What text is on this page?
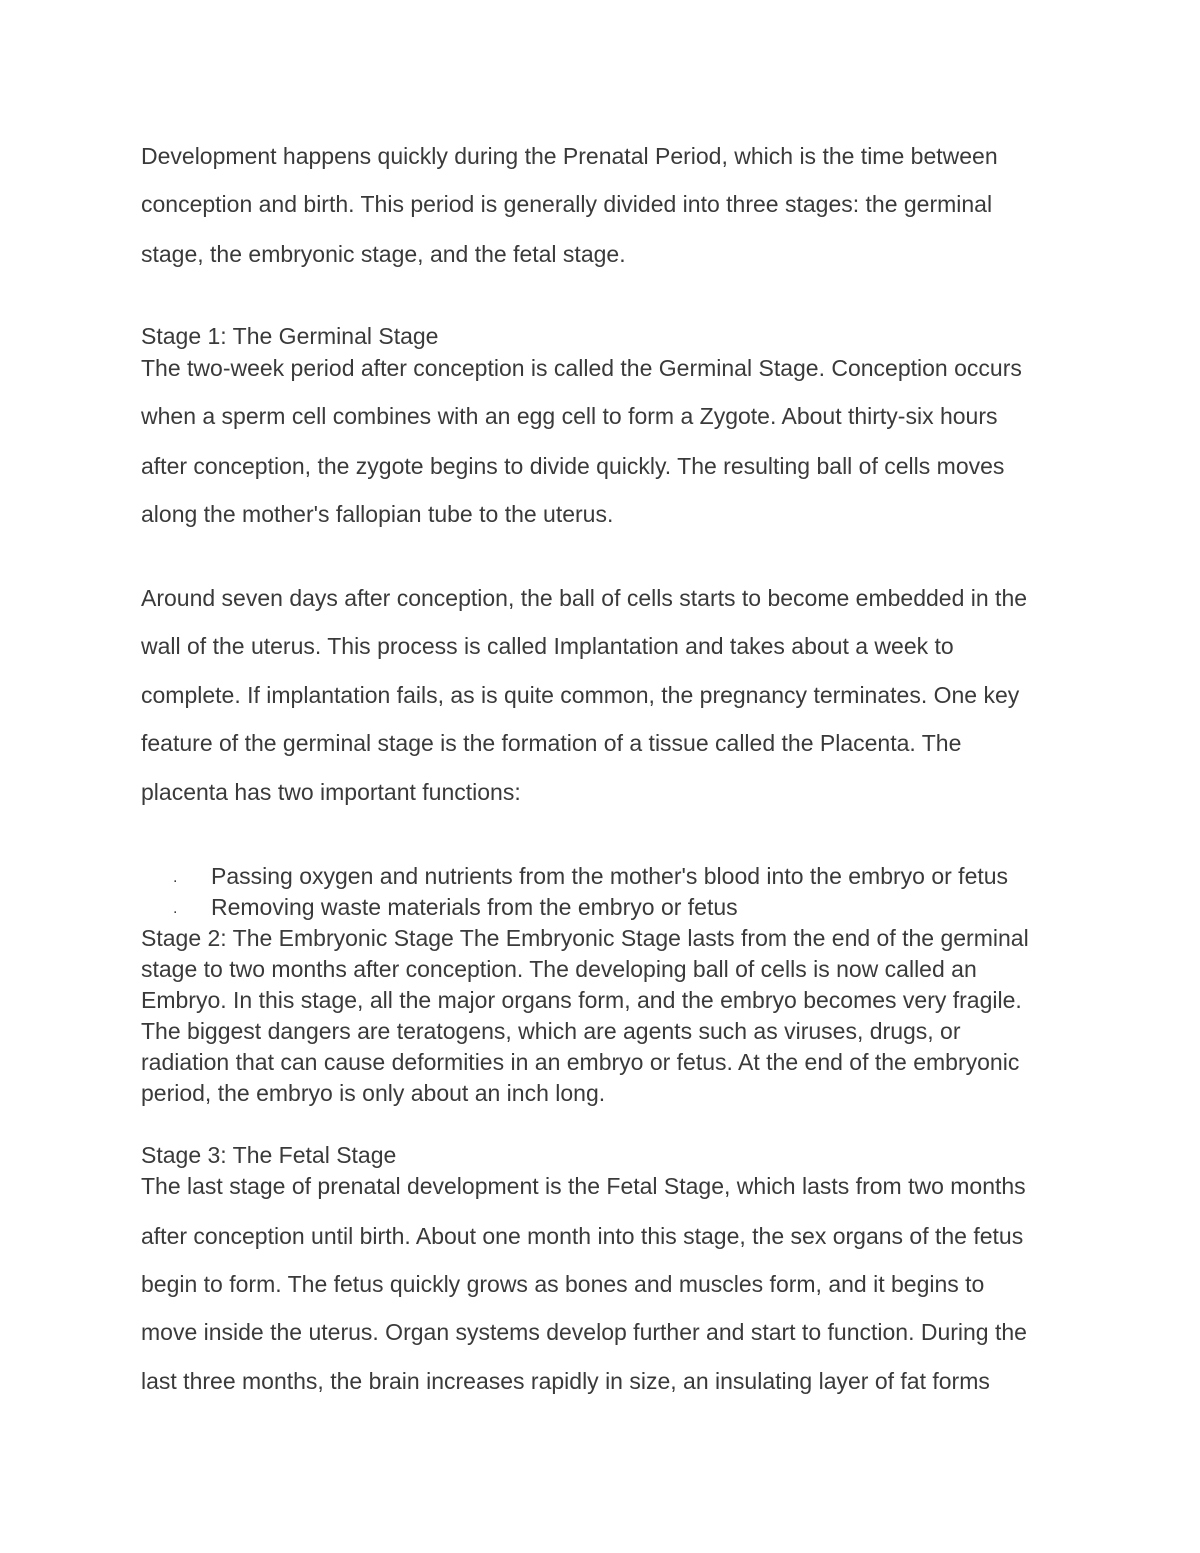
Development happens quickly during the Prenatal Period, which is the time between
conception and birth. This period is generally divided into three stages: the germinal
stage, the embryonic stage, and the fetal stage.
Stage 1: The Germinal Stage
The two-week period after conception is called the Germinal Stage. Conception occurs
when a sperm cell combines with an egg cell to form a Zygote. About thirty-six hours
after conception, the zygote begins to divide quickly. The resulting ball of cells moves
along the mother's fallopian tube to the uterus.
Around seven days after conception, the ball of cells starts to become embedded in the
wall of the uterus. This process is called Implantation and takes about a week to
complete. If implantation fails, as is quite common, the pregnancy terminates. One key
feature of the germinal stage is the formation of a tissue called the Placenta. The
placenta has two important functions:
. Passing oxygen and nutrients from the mother's blood into the embryo or fetus
. Removing waste materials from the embryo or fetus
Stage 2: The Embryonic Stage The Embryonic Stage lasts from the end of the germinal
stage to two months after conception. The developing ball of cells is now called an
Embryo. In this stage, all the major organs form, and the embryo becomes very fragile.
The biggest dangers are teratogens, which are agents such as viruses, drugs, or
radiation that can cause deformities in an embryo or fetus. At the end of the embryonic
period, the embryo is only about an inch long.
Stage 3: The Fetal Stage
The last stage of prenatal development is the Fetal Stage, which lasts from two months
after conception until birth. About one month into this stage, the sex organs of the fetus
begin to form. The fetus quickly grows as bones and muscles form, and it begins to
move inside the uterus. Organ systems develop further and start to function. During the
last three months, the brain increases rapidly in size, an insulating layer of fat forms
